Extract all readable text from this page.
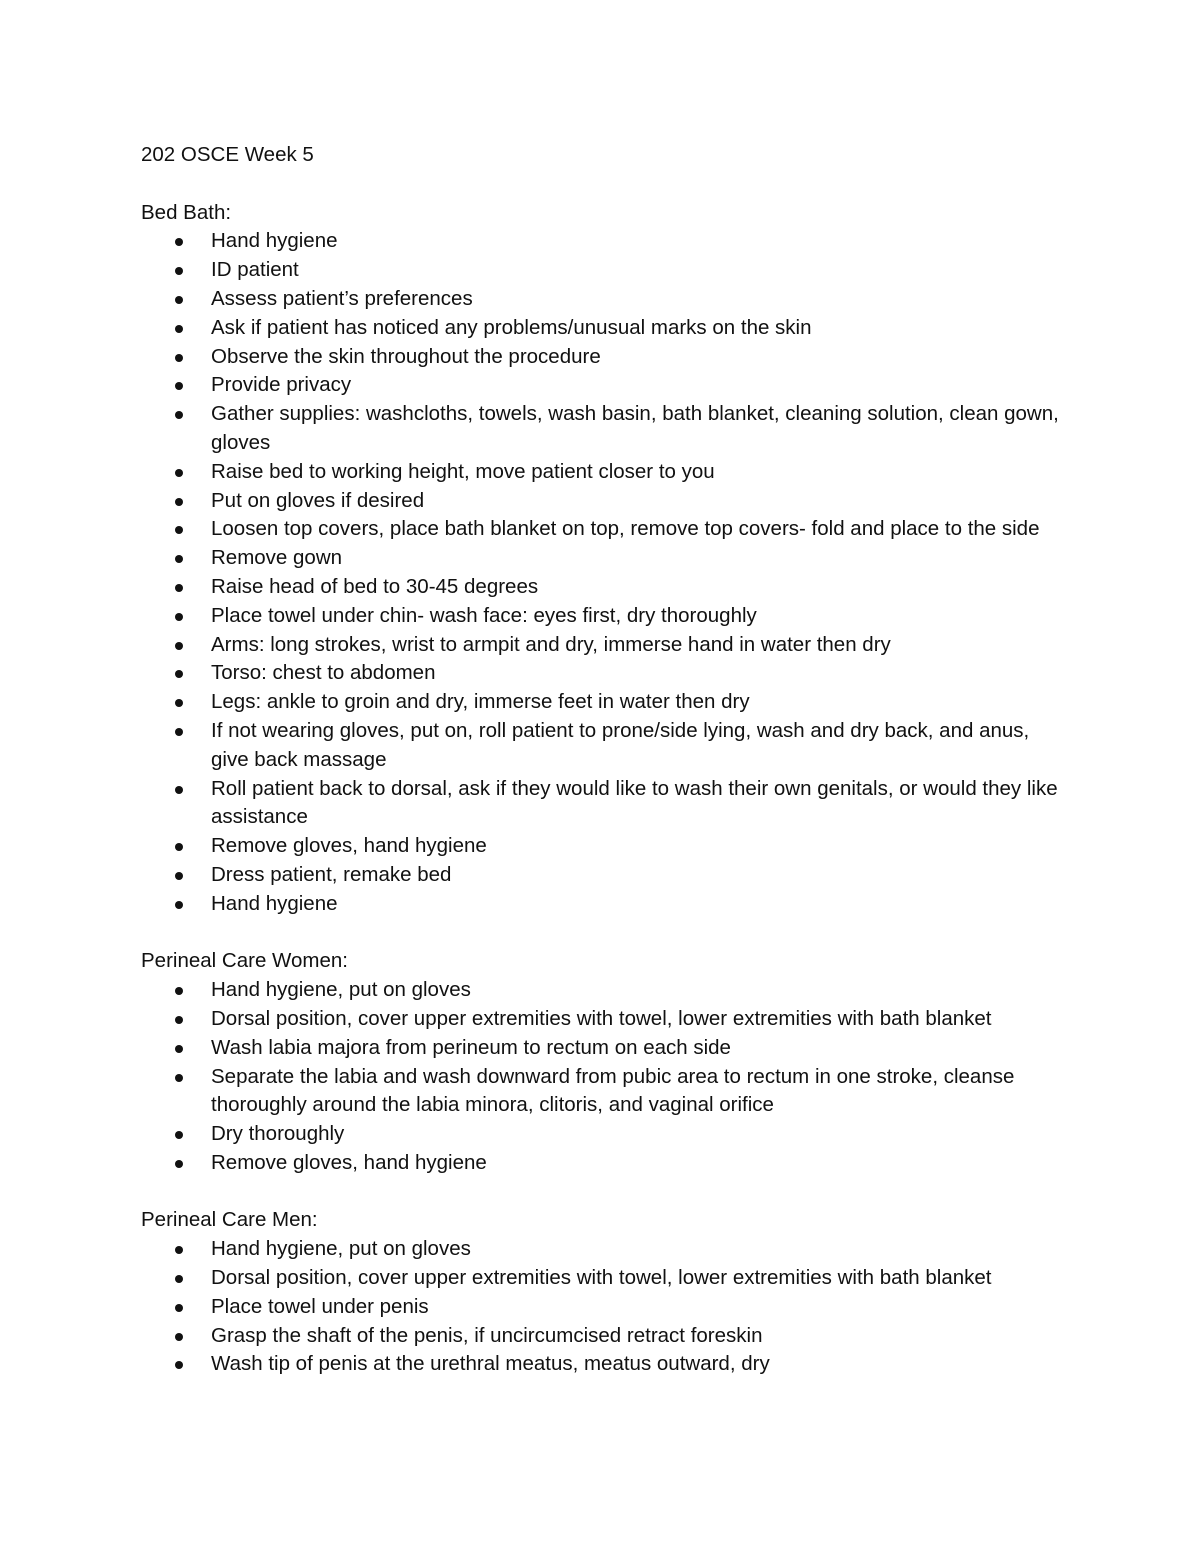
202 OSCE Week 5

Bed Bath:

Hand hygiene
ID patient
Assess patient’s preferences
Ask if patient has noticed any problems/unusual marks on the skin
Observe the skin throughout the procedure
Provide privacy
Gather supplies: washcloths, towels, wash basin, bath blanket, cleaning solution, clean gown, gloves
Raise bed to working height, move patient closer to you
Put on gloves if desired
Loosen top covers, place bath blanket on top, remove top covers- fold and place to the side
Remove gown
Raise head of bed to 30-45 degrees
Place towel under chin- wash face: eyes first, dry thoroughly
Arms: long strokes, wrist to armpit and dry, immerse hand in water then dry
Torso: chest to abdomen
Legs: ankle to groin and dry, immerse feet in water then dry
If not wearing gloves, put on, roll patient to prone/side lying, wash and dry back, and anus, give back massage
Roll patient back to dorsal, ask if they would like to wash their own genitals, or would they like assistance
Remove gloves, hand hygiene
Dress patient, remake bed
Hand hygiene

Perineal Care Women:

Hand hygiene, put on gloves
Dorsal position, cover upper extremities with towel, lower extremities with bath blanket
Wash labia majora from perineum to rectum on each side
Separate the labia and wash downward from pubic area to rectum in one stroke, cleanse thoroughly around the labia minora, clitoris, and vaginal orifice
Dry thoroughly
Remove gloves, hand hygiene

Perineal Care Men:

Hand hygiene, put on gloves
Dorsal position, cover upper extremities with towel, lower extremities with bath blanket
Place towel under penis
Grasp the shaft of the penis, if uncircumcised retract foreskin
Wash tip of penis at the urethral meatus, meatus outward, dry
